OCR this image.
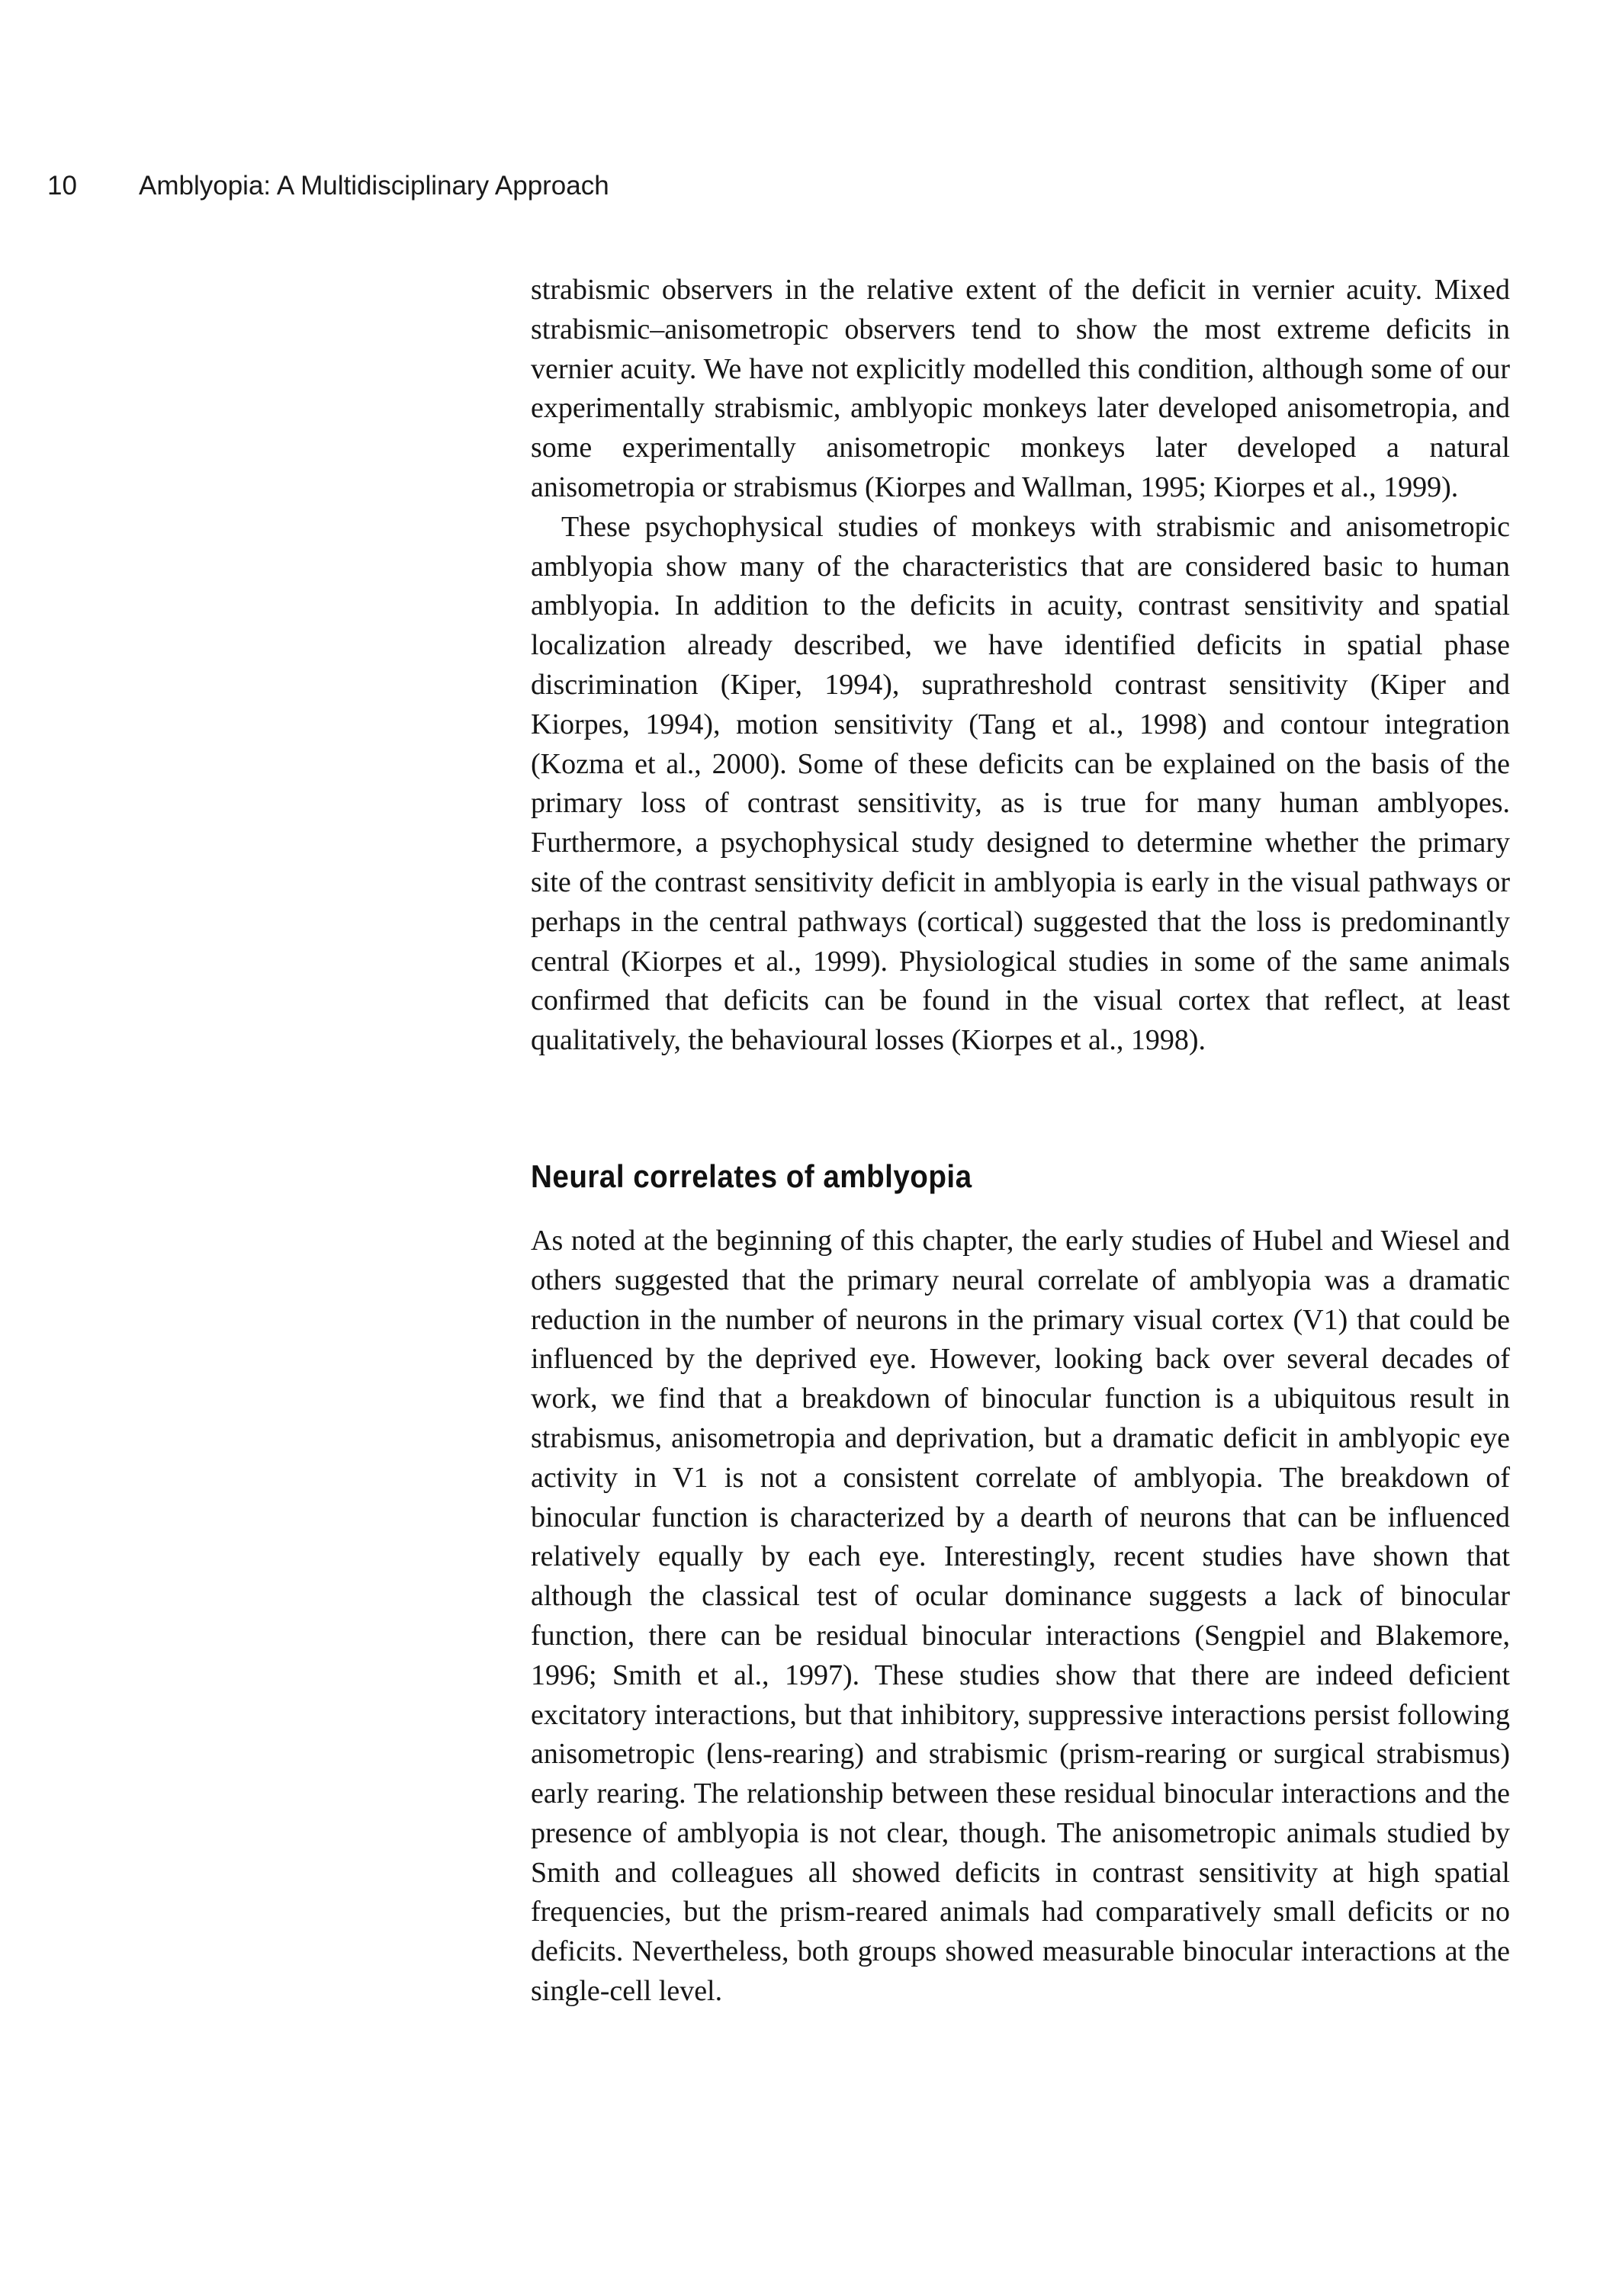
10 Amblyopia: A Multidisciplinary Approach

strabismic observers in the relative extent of the deficit in vernier acuity. Mixed strabismic–anisometropic observers tend to show the most extreme deficits in vernier acuity. We have not explicitly modelled this condition, although some of our experimentally strabismic, amblyopic monkeys later developed anisometropia, and some experimentally anisometropic monkeys later developed a natural anisometropia or strabismus (Kiorpes and Wallman, 1995; Kiorpes et al., 1999).

These psychophysical studies of monkeys with strabismic and anisometropic amblyopia show many of the characteristics that are considered basic to human amblyopia. In addition to the deficits in acuity, contrast sensitivity and spatial localization already described, we have identified deficits in spatial phase discrimination (Kiper, 1994), suprathreshold contrast sensitivity (Kiper and Kiorpes, 1994), motion sensitivity (Tang et al., 1998) and contour integration (Kozma et al., 2000). Some of these deficits can be explained on the basis of the primary loss of contrast sensitivity, as is true for many human amblyopes. Furthermore, a psychophysical study designed to determine whether the primary site of the contrast sensitivity deficit in amblyopia is early in the visual pathways or perhaps in the central pathways (cortical) suggested that the loss is predominantly central (Kiorpes et al., 1999). Physiological studies in some of the same animals confirmed that deficits can be found in the visual cortex that reflect, at least qualitatively, the behavioural losses (Kiorpes et al., 1998).

Neural correlates of amblyopia

As noted at the beginning of this chapter, the early studies of Hubel and Wiesel and others suggested that the primary neural correlate of amblyopia was a dramatic reduction in the number of neurons in the primary visual cortex (V1) that could be influenced by the deprived eye. However, looking back over several decades of work, we find that a breakdown of binocular function is a ubiquitous result in strabismus, anisometropia and deprivation, but a dramatic deficit in amblyopic eye activity in V1 is not a consistent correlate of amblyopia. The breakdown of binocular function is characterized by a dearth of neurons that can be influenced relatively equally by each eye. Interestingly, recent studies have shown that although the classical test of ocular dominance suggests a lack of binocular function, there can be residual binocular interactions (Sengpiel and Blakemore, 1996; Smith et al., 1997). These studies show that there are indeed deficient excitatory interactions, but that inhibitory, suppressive interactions persist following anisometropic (lens-rearing) and strabismic (prism-rearing or surgical strabismus) early rearing. The relationship between these residual binocular interactions and the presence of amblyopia is not clear, though. The anisometropic animals studied by Smith and colleagues all showed deficits in contrast sensitivity at high spatial frequencies, but the prism-reared animals had comparatively small deficits or no deficits. Nevertheless, both groups showed measurable binocular interactions at the single-cell level.
